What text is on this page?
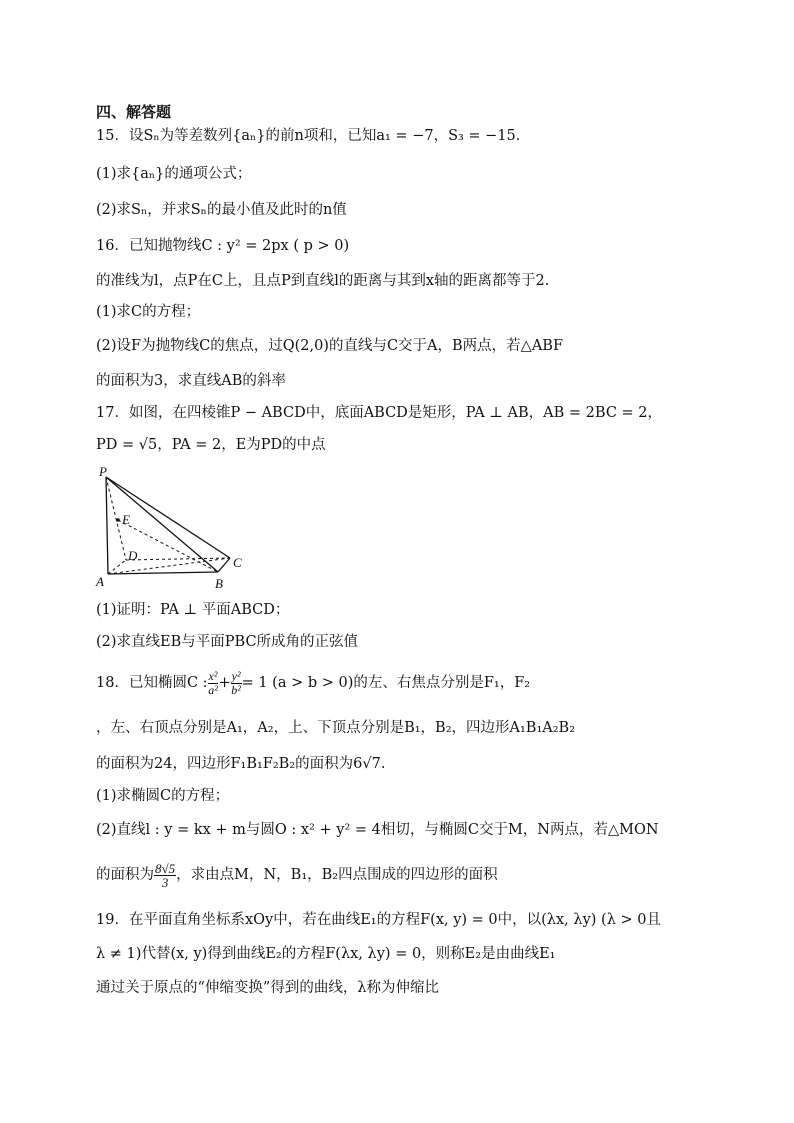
四、解答题
15．设Sₙ为等差数列{aₙ}的前n项和，已知a₁ = −7，S₃ = −15.
(1)求{aₙ}的通项公式；
(2)求Sₙ，并求Sₙ的最小值及此时的n值
16．已知抛物线C : y² = 2px ( p > 0)
的准线为l，点P在C上，且点P到直线l的距离与其到x轴的距离都等于2.
(1)求C的方程；
(2)设F为抛物线C的焦点，过Q(2,0)的直线与C交于A，B两点，若△ABF
的面积为3，求直线AB的斜率
17．如图，在四棱锥P − ABCD中，底面ABCD是矩形，PA ⊥ AB，AB = 2BC = 2，
PD = √5，PA = 2，E为PD的中点
P
E
D	C
A	B
(1)证明：PA ⊥ 平面ABCD；
(2)求直线EB与平面PBC所成角的正弦值
18．已知椭圆C : $\frac{\text{x²}}{\text{a²}} + \frac{\text{y²}}{\text{b²}} = 1$ (a > b > 0)的左、右焦点分别是F₁，F₂
，左、右顶点分别是A₁，A₂，上、下顶点分别是B₁，B₂，四边形A₁B₁A₂B₂
的面积为24，四边形F₁B₁F₂B₂的面积为6√7.
(1)求椭圆C的方程；
(2)直线l : y = kx + m与圆O : x² + y² = 4相切，与椭圆C交于M，N两点，若△MON
的面积为 $\frac{8√5}{3}$ ，求由点M，N，B₁，B₂四点围成的四边形的面积
19．在平面直角坐标系xOy中，若在曲线E₁的方程F(x, y) = 0中，以(λx, λy) (λ > 0且
λ ≠ 1)代替(x, y)得到曲线E₂的方程F(λx, λy) = 0，则称E₂是由曲线E₁
通过关于原点的“伸缩变换”得到的曲线，λ称为伸缩比
